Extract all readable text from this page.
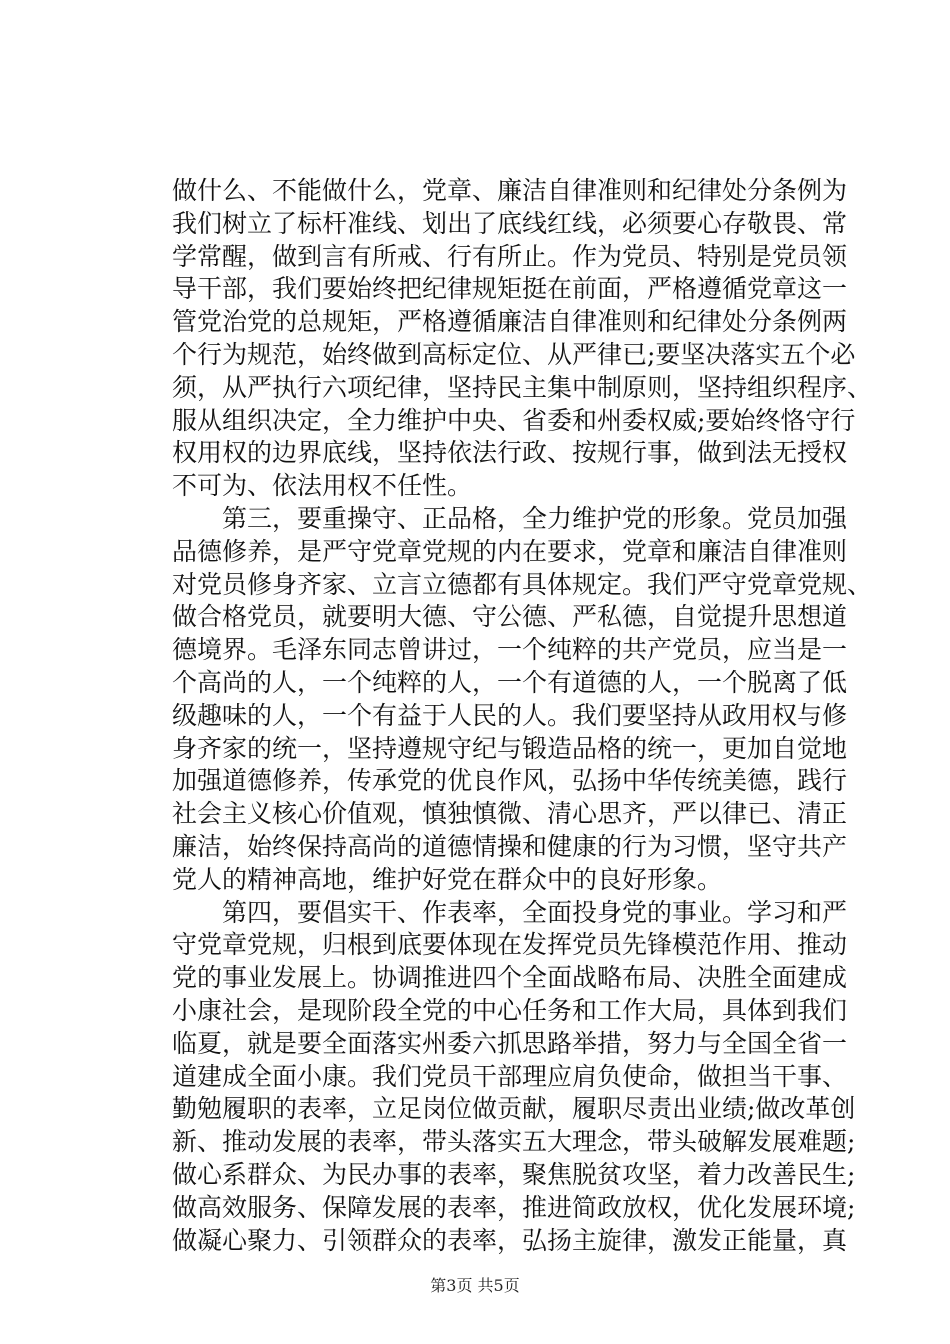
做什么、不能做什么，党章、廉洁自律准则和纪律处分条例为
我们树立了标杆准线、划出了底线红线，必须要心存敬畏、常
学常醒，做到言有所戒、行有所止。作为党员、特别是党员领
导干部，我们要始终把纪律规矩挺在前面，严格遵循党章这一
管党治党的总规矩，严格遵循廉洁自律准则和纪律处分条例两
个行为规范，始终做到高标定位、从严律已;要坚决落实五个必
须，从严执行六项纪律，坚持民主集中制原则，坚持组织程序、
服从组织决定，全力维护中央、省委和州委权威;要始终恪守行
权用权的边界底线，坚持依法行政、按规行事，做到法无授权
不可为、依法用权不任性。
第三，要重操守、正品格，全力维护党的形象。党员加强
品德修养，是严守党章党规的内在要求，党章和廉洁自律准则
对党员修身齐家、立言立德都有具体规定。我们严守党章党规、
做合格党员，就要明大德、守公德、严私德，自觉提升思想道
德境界。毛泽东同志曾讲过，一个纯粹的共产党员，应当是一
个高尚的人，一个纯粹的人，一个有道德的人，一个脱离了低
级趣味的人，一个有益于人民的人。我们要坚持从政用权与修
身齐家的统一，坚持遵规守纪与锻造品格的统一，更加自觉地
加强道德修养，传承党的优良作风，弘扬中华传统美德，践行
社会主义核心价值观，慎独慎微、清心思齐，严以律已、清正
廉洁，始终保持高尚的道德情操和健康的行为习惯，坚守共产
党人的精神高地，维护好党在群众中的良好形象。
第四，要倡实干、作表率，全面投身党的事业。学习和严
守党章党规，归根到底要体现在发挥党员先锋模范作用、推动
党的事业发展上。协调推进四个全面战略布局、决胜全面建成
小康社会，是现阶段全党的中心任务和工作大局，具体到我们
临夏，就是要全面落实州委六抓思路举措，努力与全国全省一
道建成全面小康。我们党员干部理应肩负使命，做担当干事、
勤勉履职的表率，立足岗位做贡献，履职尽责出业绩;做改革创
新、推动发展的表率，带头落实五大理念，带头破解发展难题;
做心系群众、为民办事的表率，聚焦脱贫攻坚，着力改善民生;
做高效服务、保障发展的表率，推进简政放权，优化发展环境;
做凝心聚力、引领群众的表率，弘扬主旋律，激发正能量，真
第3页 共5页
